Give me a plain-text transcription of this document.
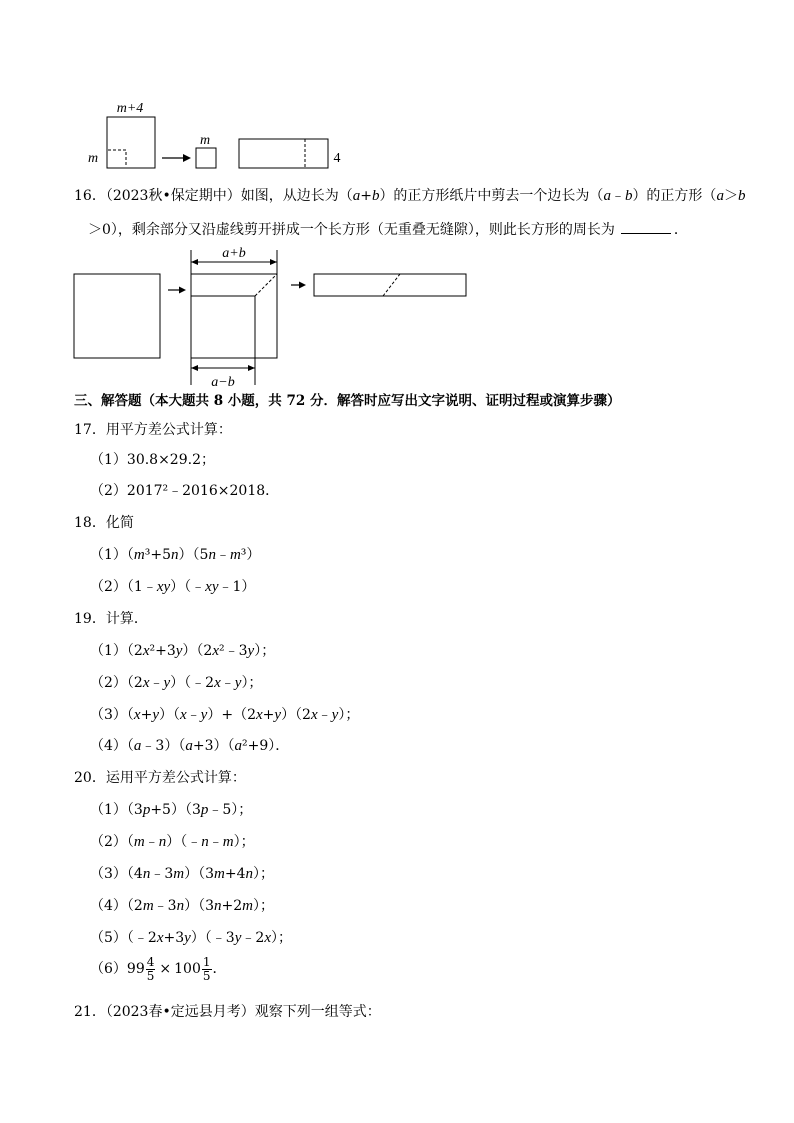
m+4
m
m
4
16．（2023秋•保定期中）如图，从边长为（a+b）的正方形纸片中剪去一个边长为（a﹣b）的正方形（a＞b
＞0），剩余部分又沿虚线剪开拼成一个长方形（无重叠无缝隙），则此长方形的周长为	．
a+b
a−b
三、解答题（本大题共 8 小题，共 72 分．解答时应写出文字说明、证明过程或演算步骤）
17．用平方差公式计算：
（1）30.8×29.2；
（2）2017²﹣2016×2018．
18．化简
（1）（m³+5n）（5n﹣m³）
（2）（1﹣xy）（﹣xy﹣1）
19．计算．
（1）（2x²+3y）（2x²﹣3y）；
（2）（2x﹣y）（﹣2x﹣y）；
（3）（x+y）（x﹣y）+（2x+y）（2x﹣y）；
（4）（a﹣3）（a+3）（a²+9）．
20．运用平方差公式计算：
（1）（3p+5）（3p﹣5）；
（2）（m﹣n）（﹣n﹣m）；
（3）（4n﹣3m）（3m+4n）；
（4）（2m﹣3n）（3n+2m）；
（5）（﹣2x+3y）（﹣3y﹣2x）；
$(6)99 \frac{4}{5} \times 100 \frac{1}{5}$ ．
21．（2023春•定远县月考）观察下列一组等式：
